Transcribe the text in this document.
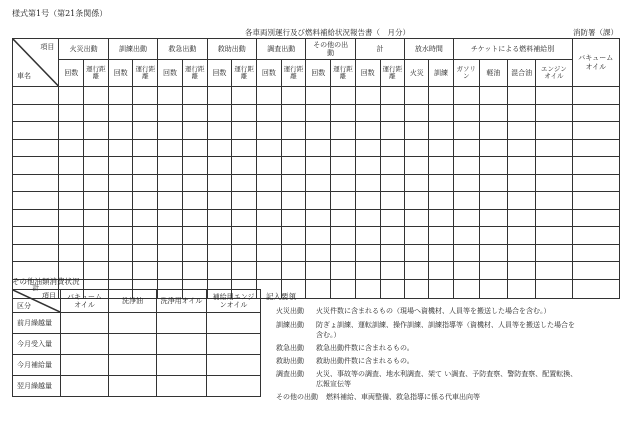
様式第1号（第21条関係）
各車両別運行及び燃料補給状況報告書（　月分）	消防署（課）
項目
車名	火災出動		訓練出動		救急出動		救助出動		調査出動		その他の出動		計		放水時間		チケットによる燃料補給別				バキュームオイル
	回数	運行距離	回数	運行距離	回数	運行距離	回数	運行距離	回数	運行距離	回数	運行距離	回数	運行距離	火災	訓練	ガソリン	軽油	混合油	エンジンオイル	

計																					
その他油類消費状況
項目
区分	バキュームオイル	洗浄油	洗浄用オイル	補給用エンジンオイル
前月繰越量				
今月受入量				
今月補給量				
翌月繰越量				
記入要領
火災出動 火災件数に含まれるもの（現場へ資機材、人員等を搬送した場合を含む。）
訓練出動 防ぎょ訓練、運転訓練、操作訓練、訓練指導等（資機材、人員等を搬送した場合を
含む。）
救急出動 救急出動件数に含まれるもの。
救助出動 救助出動件数に含まれるもの。
調査出動 火災、事故等の調査、地水利調査、架て い調査、予防査察、警防査察、配置転換、
広報宣伝等
その他の出動 燃料補給、車両整備、救急指導に係る代車出向等
